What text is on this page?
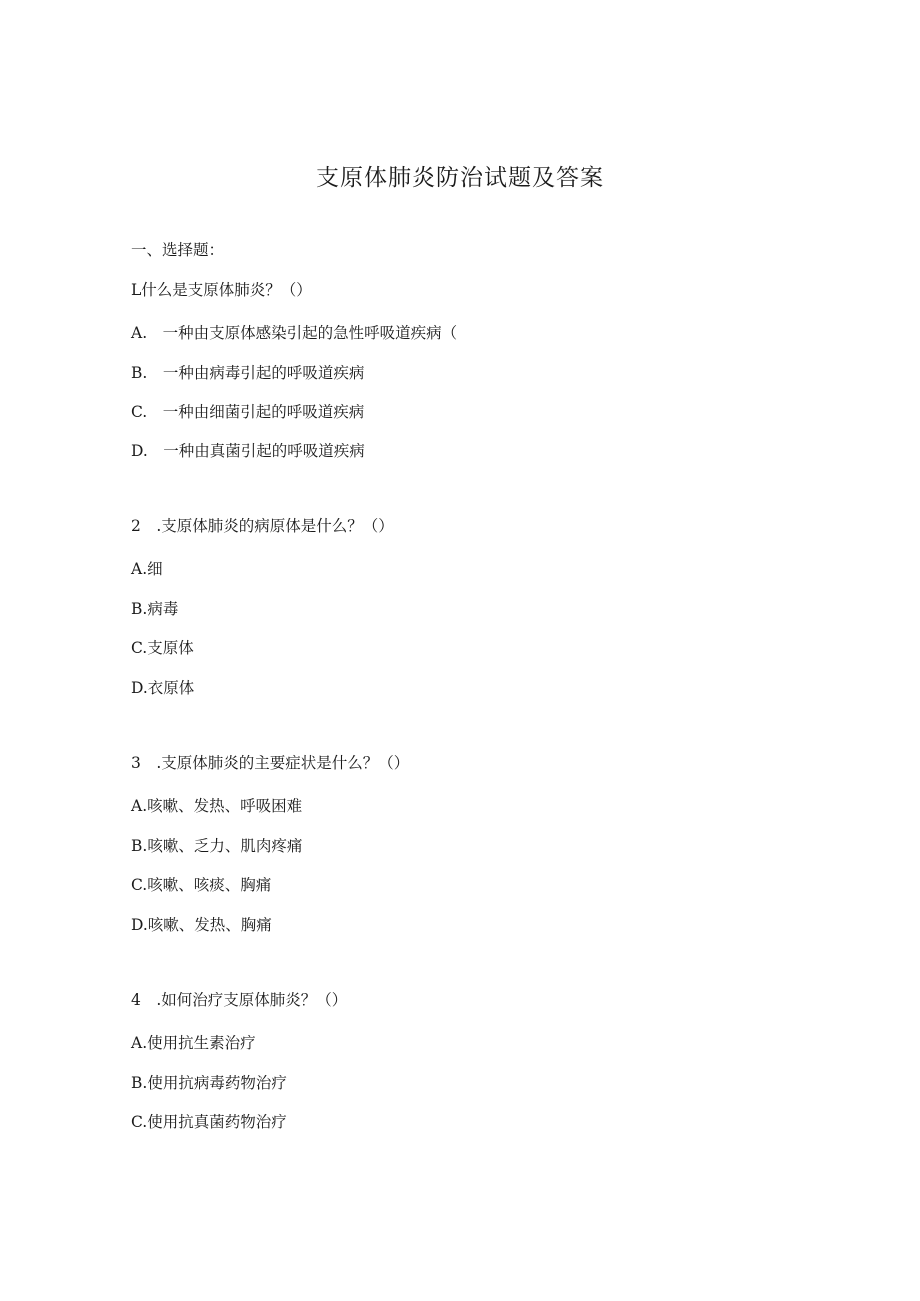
支原体肺炎防治试题及答案
一、选择题：
L什么是支原体肺炎？（）
A.　一种由支原体感染引起的急性呼吸道疾病（
B.　一种由病毒引起的呼吸道疾病
C.　一种由细菌引起的呼吸道疾病
D.　一种由真菌引起的呼吸道疾病
2　.支原体肺炎的病原体是什么？（）
A.细
B.病毒
C.支原体
D.衣原体
3　.支原体肺炎的主要症状是什么？（）
A.咳嗽、发热、呼吸困难
B.咳嗽、乏力、肌肉疼痛
C.咳嗽、咳痰、胸痛
D.咳嗽、发热、胸痛
4　.如何治疗支原体肺炎？（）
A.使用抗生素治疗
B.使用抗病毒药物治疗
C.使用抗真菌药物治疗
